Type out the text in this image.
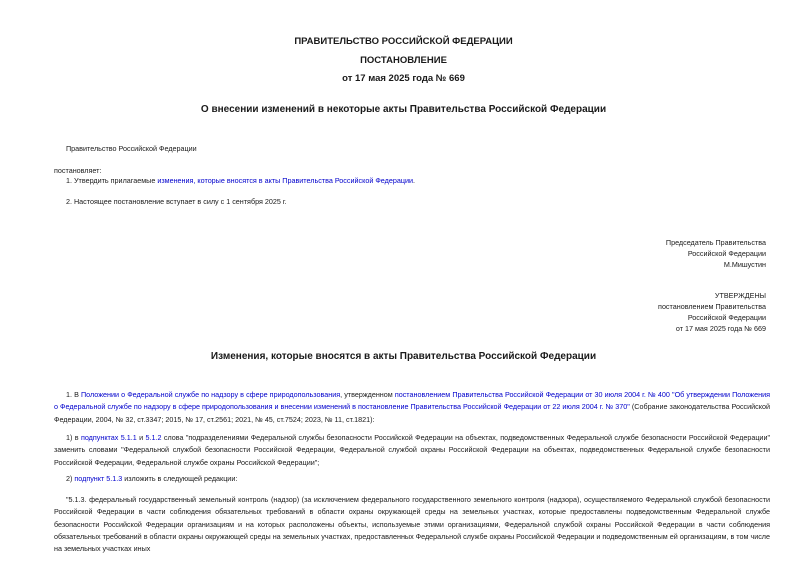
ПРАВИТЕЛЬСТВО РОССИЙСКОЙ ФЕДЕРАЦИИ
ПОСТАНОВЛЕНИЕ
от 17 мая 2025 года № 669
О внесении изменений в некоторые акты Правительства Российской Федерации
Правительство Российской Федерации
постановляет:
1. Утвердить прилагаемые изменения, которые вносятся в акты Правительства Российской Федерации.
2. Настоящее постановление вступает в силу с 1 сентября 2025 г.
Председатель Правительства
Российской Федерации
М.Мишустин
УТВЕРЖДЕНЫ
постановлением Правительства
Российской Федерации
от 17 мая 2025 года № 669
Изменения, которые вносятся в акты Правительства Российской Федерации
1. В Положении о Федеральной службе по надзору в сфере природопользования, утвержденном постановлением Правительства Российской Федерации от 30 июля 2004 г. № 400 "Об утверждении Положения о Федеральной службе по надзору в сфере природопользования и внесении изменений в постановление Правительства Российской Федерации от 22 июля 2004 г. № 370" (Собрание законодательства Российской Федерации, 2004, № 32, ст.3347; 2015, № 17, ст.2561; 2021, № 45, ст.7524; 2023, № 11, ст.1821):
1) в подпунктах 5.1.1 и 5.1.2 слова "подразделениями Федеральной службы безопасности Российской Федерации на объектах, подведомственных Федеральной службе безопасности Российской Федерации" заменить словами "Федеральной службой безопасности Российской Федерации, Федеральной службой охраны Российской Федерации на объектах, подведомственных Федеральной службе безопасности Российской Федерации, Федеральной службе охраны Российской Федерации";
2) подпункт 5.1.3 изложить в следующей редакции:
"5.1.3. федеральный государственный земельный контроль (надзор) (за исключением федерального государственного земельного контроля (надзора), осуществляемого Федеральной службой безопасности Российской Федерации в части соблюдения обязательных требований в области охраны окружающей среды на земельных участках, которые предоставлены подведомственным Федеральной службе безопасности Российской Федерации организациям и на которых расположены объекты, используемые этими организациями, Федеральной службой охраны Российской Федерации в части соблюдения обязательных требований в области охраны окружающей среды на земельных участках, предоставленных Федеральной службе охраны Российской Федерации и подведомственным ей организациям, в том числе на земельных участках иных
